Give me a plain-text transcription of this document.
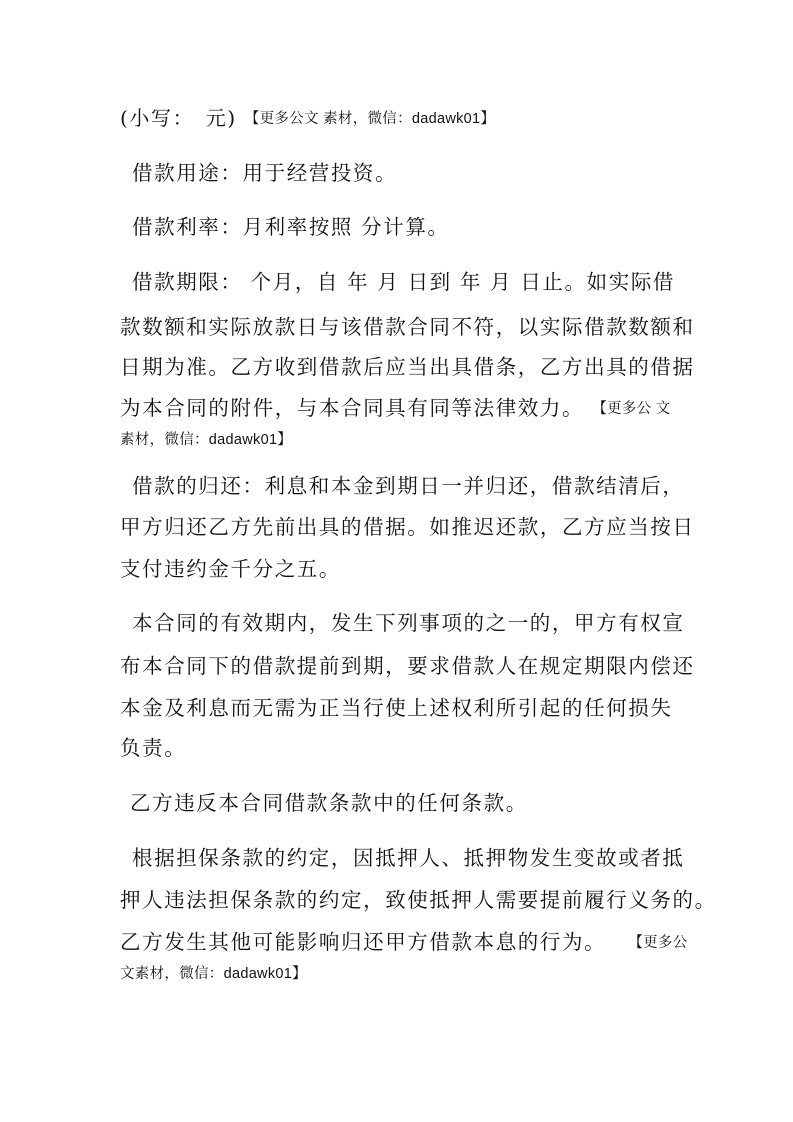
(小写：　元) 【更多公文 素材，微信：dadawk01】
借款用途：用于经营投资。
借款利率：月利率按照 分计算。
借款期限： 个月，自 年 月 日到 年 月 日止。如实际借
款数额和实际放款日与该借款合同不符，以实际借款数额和
日期为准。乙方收到借款后应当出具借条，乙方出具的借据
为本合同的附件，与本合同具有同等法律效力。 【更多公 文
素材，微信：dadawk01】
借款的归还：利息和本金到期日一并归还，借款结清后，
甲方归还乙方先前出具的借据。如推迟还款，乙方应当按日
支付违约金千分之五。
本合同的有效期内，发生下列事项的之一的，甲方有权宣
布本合同下的借款提前到期，要求借款人在规定期限内偿还
本金及利息而无需为正当行使上述权利所引起的任何损失
负责。
乙方违反本合同借款条款中的任何条款。
根据担保条款的约定，因抵押人、抵押物发生变故或者抵
押人违法担保条款的约定，致使抵押人需要提前履行义务的。
乙方发生其他可能影响归还甲方借款本息的行为。 【更多公
文素材，微信：dadawk01】
